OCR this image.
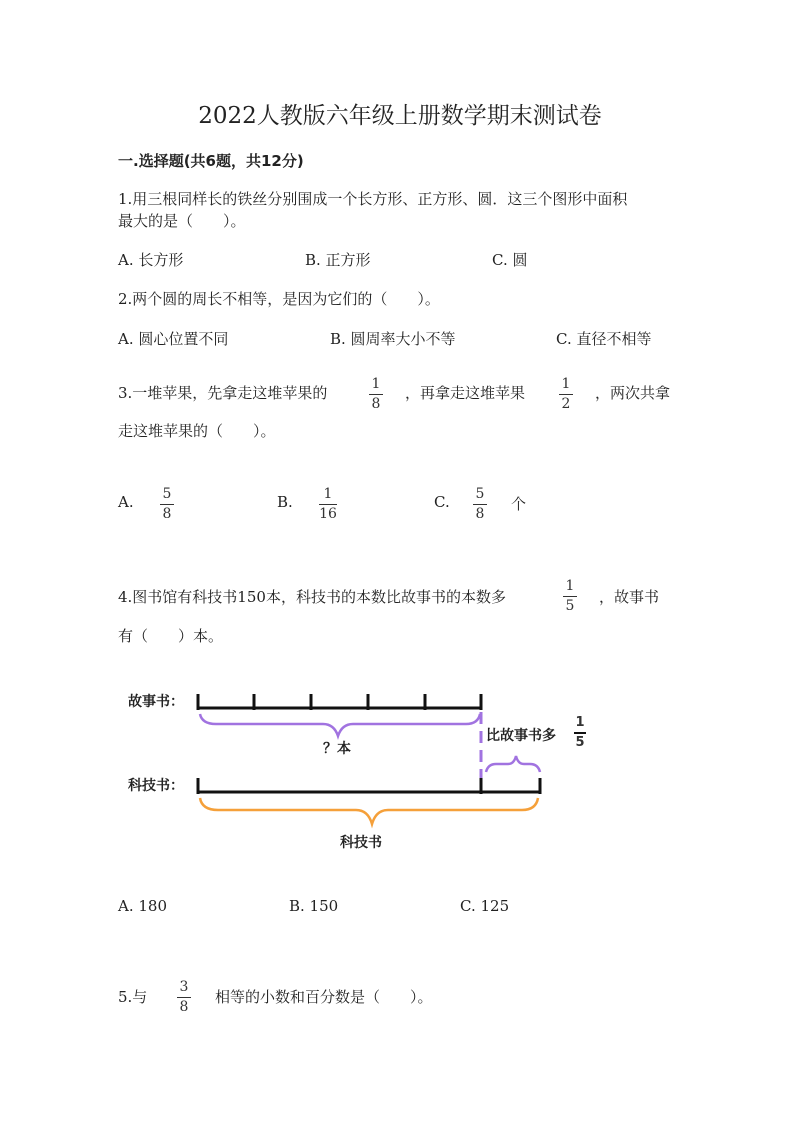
2022人教版六年级上册数学期末测试卷
一.选择题(共6题，共12分)
1.用三根同样长的铁丝分别围成一个长方形、正方形、圆．这三个图形中面积
最大的是（　　）。
A. 长方形	B. 正方形	C. 圆
2.两个圆的周长不相等，是因为它们的（　　）。
A. 圆心位置不同	B. 圆周率大小不等	C. 直径不相等
3.一堆苹果，先拿走这堆苹果的	1
8
，再拿走这堆苹果	1
2
，两次共拿
走这堆苹果的（　　）。
A. 5
8
B. 1
16
C. 5
8
个
4.图书馆有科技书150本，科技书的本数比故事书的本数多
1
5 ，故事书
有（　　）本。
故事书：
？本
比故事书多
1
5
科技书：
科技书
A. 180	B. 150	C. 125
5.与
3
8
相等的小数和百分数是（　　）。
